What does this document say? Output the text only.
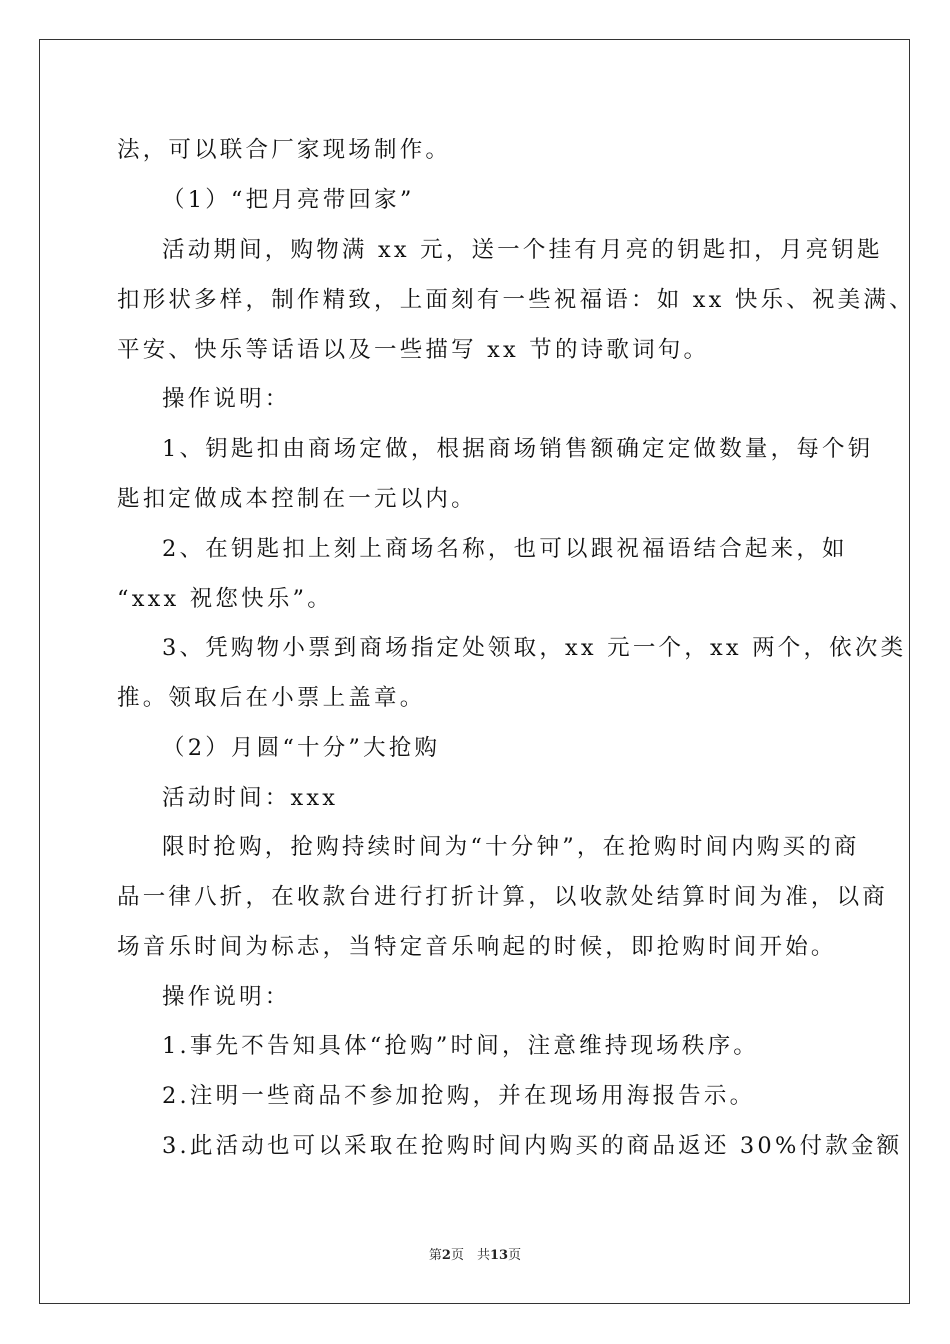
法，可以联合厂家现场制作。
（1）“把月亮带回家”
活动期间，购物满 xx 元，送一个挂有月亮的钥匙扣，月亮钥匙
扣形状多样，制作精致，上面刻有一些祝福语：如 xx 快乐、祝美满、
平安、快乐等话语以及一些描写 xx 节的诗歌词句。
操作说明：
1、钥匙扣由商场定做，根据商场销售额确定定做数量，每个钥
匙扣定做成本控制在一元以内。
2、在钥匙扣上刻上商场名称，也可以跟祝福语结合起来，如
“xxx 祝您快乐”。
3、凭购物小票到商场指定处领取，xx 元一个，xx 两个，依次类
推。领取后在小票上盖章。
（2）月圆“十分”大抢购
活动时间：xxx
限时抢购，抢购持续时间为“十分钟”，在抢购时间内购买的商
品一律八折，在收款台进行打折计算，以收款处结算时间为准，以商
场音乐时间为标志，当特定音乐响起的时候，即抢购时间开始。
操作说明：
1.事先不告知具体“抢购”时间，注意维持现场秩序。
2.注明一些商品不参加抢购，并在现场用海报告示。
3.此活动也可以采取在抢购时间内购买的商品返还 30%付款金额
第2页　共13页
